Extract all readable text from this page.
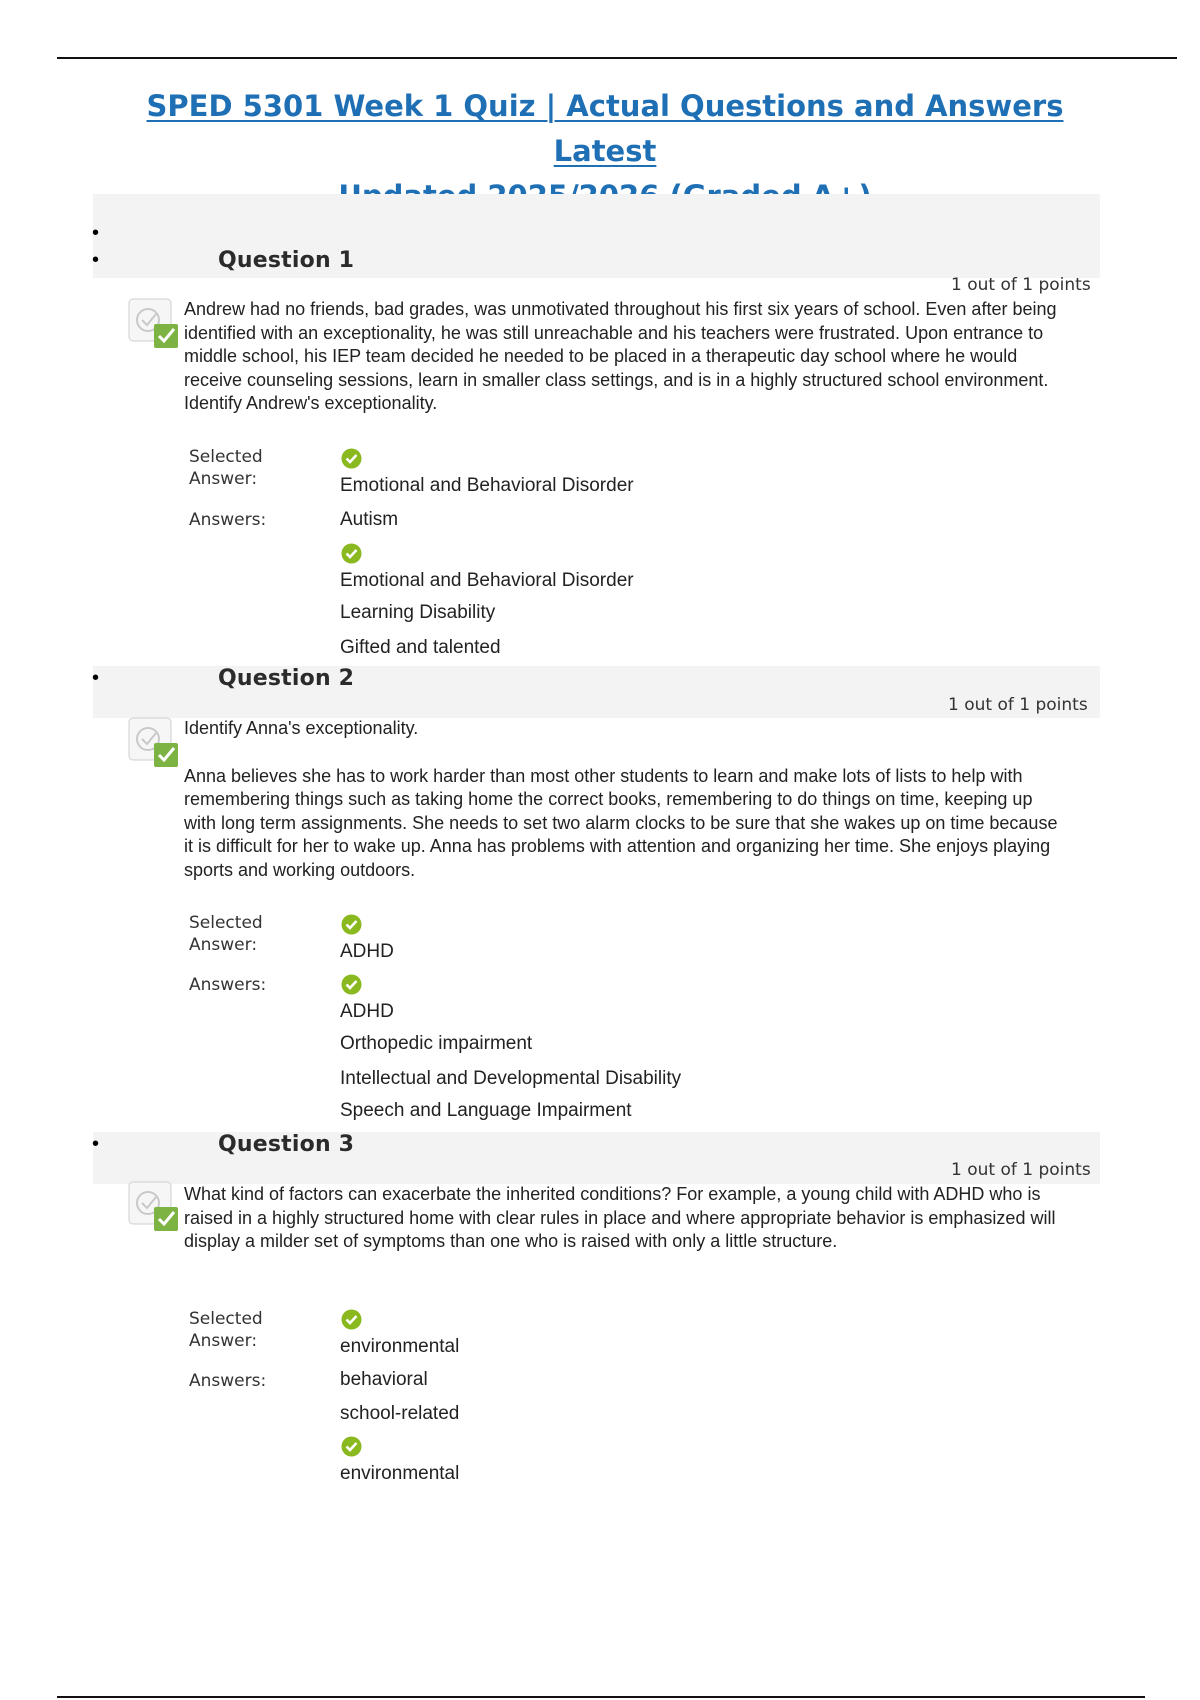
SPED 5301 Week 1 Quiz | Actual Questions and Answers Latest

•
•	Question 1
1 out of 1 points

Andrew had no friends, bad grades, was unmotivated throughout his first six years of school. Even after being identified with an exceptionality, he was still unreachable and his teachers were frustrated. Upon entrance to middle school, his IEP team decided he needed to be placed in a therapeutic day school where he would receive counseling sessions, learn in smaller class settings, and is in a highly structured school environment. Identify Andrew's exceptionality.

Selected
Answer:	Emotional and Behavioral Disorder
Answers:	Autism
Emotional and Behavioral Disorder
Learning Disability
Gifted and talented
•	Question 2
1 out of 1 points

Identify Anna's exceptionality.

Anna believes she has to work harder than most other students to learn and make lots of lists to help with remembering things such as taking home the correct books, remembering to do things on time, keeping up with long term assignments. She needs to set two alarm clocks to be sure that she wakes up on time because it is difficult for her to wake up. Anna has problems with attention and organizing her time. She enjoys playing sports and working outdoors.

Selected
Answer:	ADHD
Answers:
ADHD
Orthopedic impairment
Intellectual and Developmental Disability
Speech and Language Impairment
•	Question 3
1 out of 1 points

What kind of factors can exacerbate the inherited conditions? For example, a young child with ADHD who is raised in a highly structured home with clear rules in place and where appropriate behavior is emphasized will display a milder set of symptoms than one who is raised with only a little structure.

Selected
Answer:	environmental
Answers:	behavioral
school-related
environmental
